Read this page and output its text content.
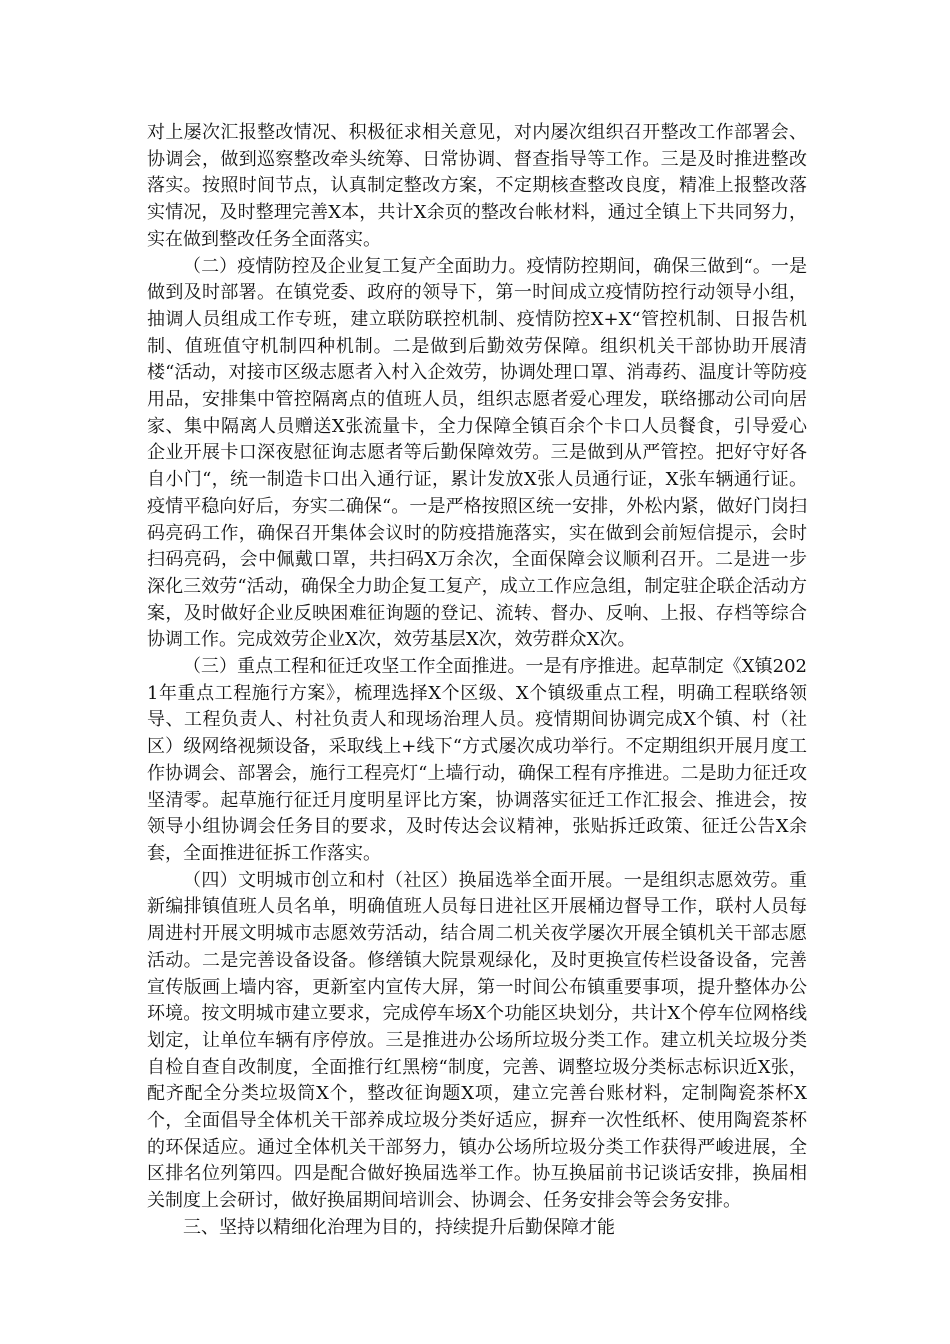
对上屡次汇报整改情况、积极征求相关意见，对内屡次组织召开整改工作部署会、协调会，做到巡察整改牵头统筹、日常协调、督查指导等工作。三是及时推进整改落实。按照时间节点，认真制定整改方案，不定期核查整改良度，精准上报整改落实情况，及时整理完善X本，共计X余页的整改台帐材料，通过全镇上下共同努力，实在做到整改任务全面落实。

（二）疫情防控及企业复工复产全面助力。疫情防控期间，确保三做到“。一是做到及时部署。在镇党委、政府的领导下，第一时间成立疫情防控行动领导小组，抽调人员组成工作专班，建立联防联控机制、疫情防控X+X“管控机制、日报告机制、值班值守机制四种机制。二是做到后勤效劳保障。组织机关干部协助开展清楼“活动，对接市区级志愿者入村入企效劳，协调处理口罩、消毒药、温度计等防疫用品，安排集中管控隔离点的值班人员，组织志愿者爱心理发，联络挪动公司向居家、集中隔离人员赠送X张流量卡，全力保障全镇百余个卡口人员餐食，引导爱心企业开展卡口深夜慰征询志愿者等后勤保障效劳。三是做到从严管控。把好守好各自小门“，统一制造卡口出入通行证，累计发放X张人员通行证，X张车辆通行证。疫情平稳向好后，夯实二确保“。一是严格按照区统一安排，外松内紧，做好门岗扫码亮码工作，确保召开集体会议时的防疫措施落实，实在做到会前短信提示，会时扫码亮码，会中佩戴口罩，共扫码X万余次，全面保障会议顺利召开。二是进一步深化三效劳“活动，确保全力助企复工复产，成立工作应急组，制定驻企联企活动方案，及时做好企业反映困难征询题的登记、流转、督办、反响、上报、存档等综合协调工作。完成效劳企业X次，效劳基层X次，效劳群众X次。

（三）重点工程和征迁攻坚工作全面推进。一是有序推进。起草制定《X镇2021年重点工程施行方案》，梳理选择X个区级、X个镇级重点工程，明确工程联络领导、工程负责人、村社负责人和现场治理人员。疫情期间协调完成X个镇、村（社区）级网络视频设备，采取线上+线下“方式屡次成功举行。不定期组织开展月度工作协调会、部署会，施行工程亮灯“上墙行动，确保工程有序推进。二是助力征迁攻坚清零。起草施行征迁月度明星评比方案，协调落实征迁工作汇报会、推进会，按领导小组协调会任务目的要求，及时传达会议精神，张贴拆迁政策、征迁公告X余套，全面推进征拆工作落实。

（四）文明城市创立和村（社区）换届选举全面开展。一是组织志愿效劳。重新编排镇值班人员名单，明确值班人员每日进社区开展桶边督导工作，联村人员每周进村开展文明城市志愿效劳活动，结合周二机关夜学屡次开展全镇机关干部志愿活动。二是完善设备设备。修缮镇大院景观绿化，及时更换宣传栏设备设备，完善宣传版画上墙内容，更新室内宣传大屏，第一时间公布镇重要事项，提升整体办公环境。按文明城市建立要求，完成停车场X个功能区块划分，共计X个停车位网格线划定，让单位车辆有序停放。三是推进办公场所垃圾分类工作。建立机关垃圾分类自检自查自改制度，全面推行红黑榜“制度，完善、调整垃圾分类标志标识近X张，配齐配全分类垃圾筒X个，整改征询题X项，建立完善台账材料，定制陶瓷茶杯X个，全面倡导全体机关干部养成垃圾分类好适应，摒弃一次性纸杯、使用陶瓷茶杯的环保适应。通过全体机关干部努力，镇办公场所垃圾分类工作获得严峻进展，全区排名位列第四。四是配合做好换届选举工作。协互换届前书记谈话安排，换届相关制度上会研讨，做好换届期间培训会、协调会、任务安排会等会务安排。

三、坚持以精细化治理为目的，持续提升后勤保障才能
